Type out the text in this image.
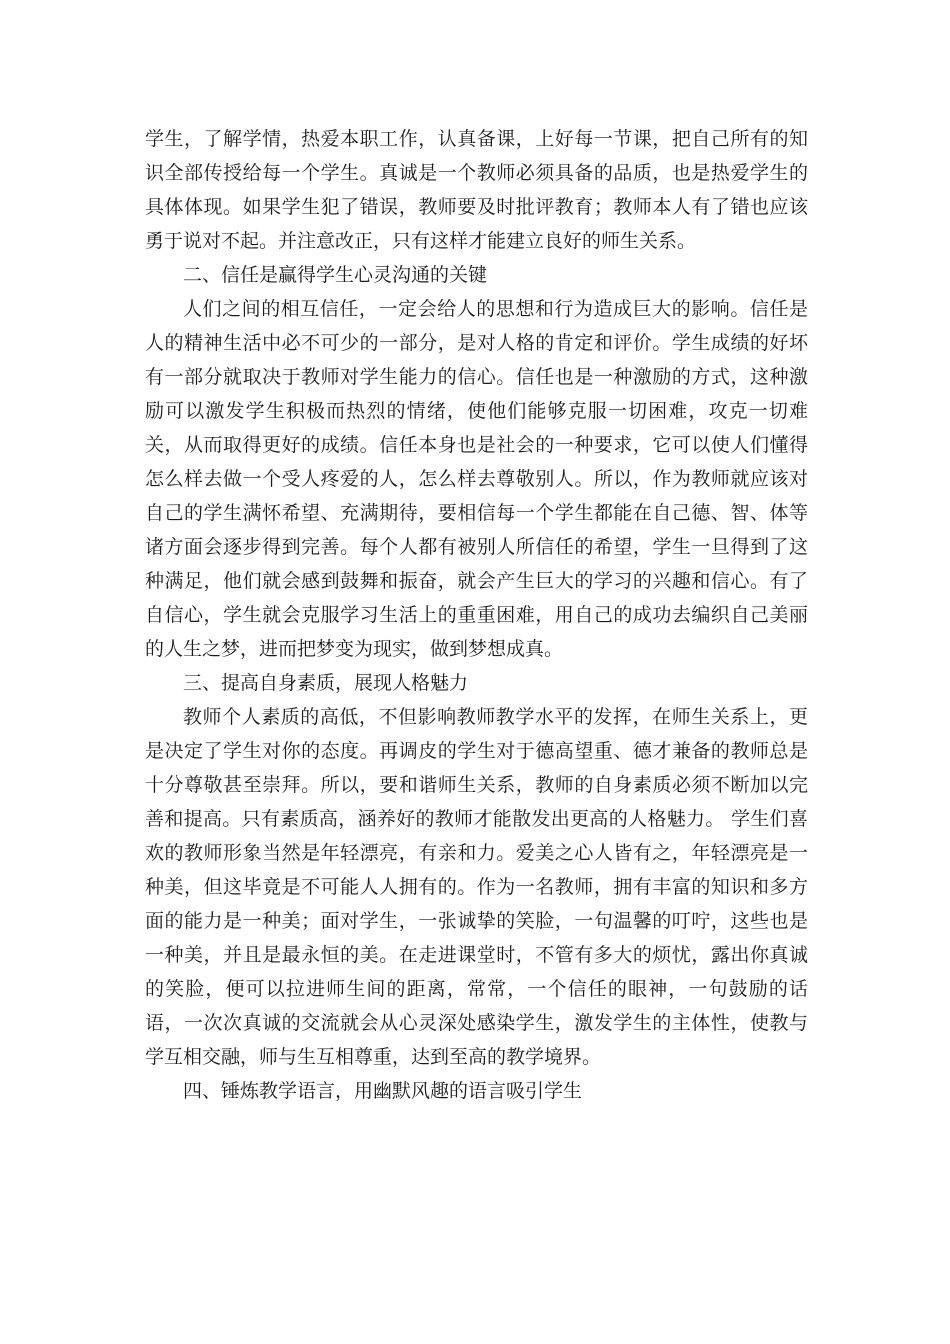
学生，了解学情，热爱本职工作，认真备课，上好每一节课，把自己所有的知识全部传授给每一个学生。真诚是一个教师必须具备的品质，也是热爱学生的具体体现。如果学生犯了错误，教师要及时批评教育；教师本人有了错也应该勇于说对不起。并注意改正，只有这样才能建立良好的师生关系。

二、信任是赢得学生心灵沟通的关键

人们之间的相互信任，一定会给人的思想和行为造成巨大的影响。信任是人的精神生活中必不可少的一部分，是对人格的肯定和评价。学生成绩的好坏有一部分就取决于教师对学生能力的信心。信任也是一种激励的方式，这种激励可以激发学生积极而热烈的情绪，使他们能够克服一切困难，攻克一切难关，从而取得更好的成绩。信任本身也是社会的一种要求，它可以使人们懂得怎么样去做一个受人疼爱的人，怎么样去尊敬别人。所以，作为教师就应该对自己的学生满怀希望、充满期待，要相信每一个学生都能在自己德、智、体等诸方面会逐步得到完善。每个人都有被别人所信任的希望，学生一旦得到了这种满足，他们就会感到鼓舞和振奋，就会产生巨大的学习的兴趣和信心。有了自信心，学生就会克服学习生活上的重重困难，用自己的成功去编织自己美丽的人生之梦，进而把梦变为现实，做到梦想成真。

三、提高自身素质，展现人格魅力

教师个人素质的高低，不但影响教师教学水平的发挥，在师生关系上，更是决定了学生对你的态度。再调皮的学生对于德高望重、德才兼备的教师总是十分尊敬甚至崇拜。所以，要和谐师生关系，教师的自身素质必须不断加以完善和提高。只有素质高，涵养好的教师才能散发出更高的人格魅力。 学生们喜欢的教师形象当然是年轻漂亮，有亲和力。爱美之心人皆有之，年轻漂亮是一种美，但这毕竟是不可能人人拥有的。作为一名教师，拥有丰富的知识和多方面的能力是一种美；面对学生，一张诚挚的笑脸，一句温馨的叮咛，这些也是一种美，并且是最永恒的美。在走进课堂时，不管有多大的烦忧，露出你真诚的笑脸，便可以拉进师生间的距离，常常，一个信任的眼神，一句鼓励的话语，一次次真诚的交流就会从心灵深处感染学生，激发学生的主体性，使教与学互相交融，师与生互相尊重，达到至高的教学境界。

四、锤炼教学语言，用幽默风趣的语言吸引学生
